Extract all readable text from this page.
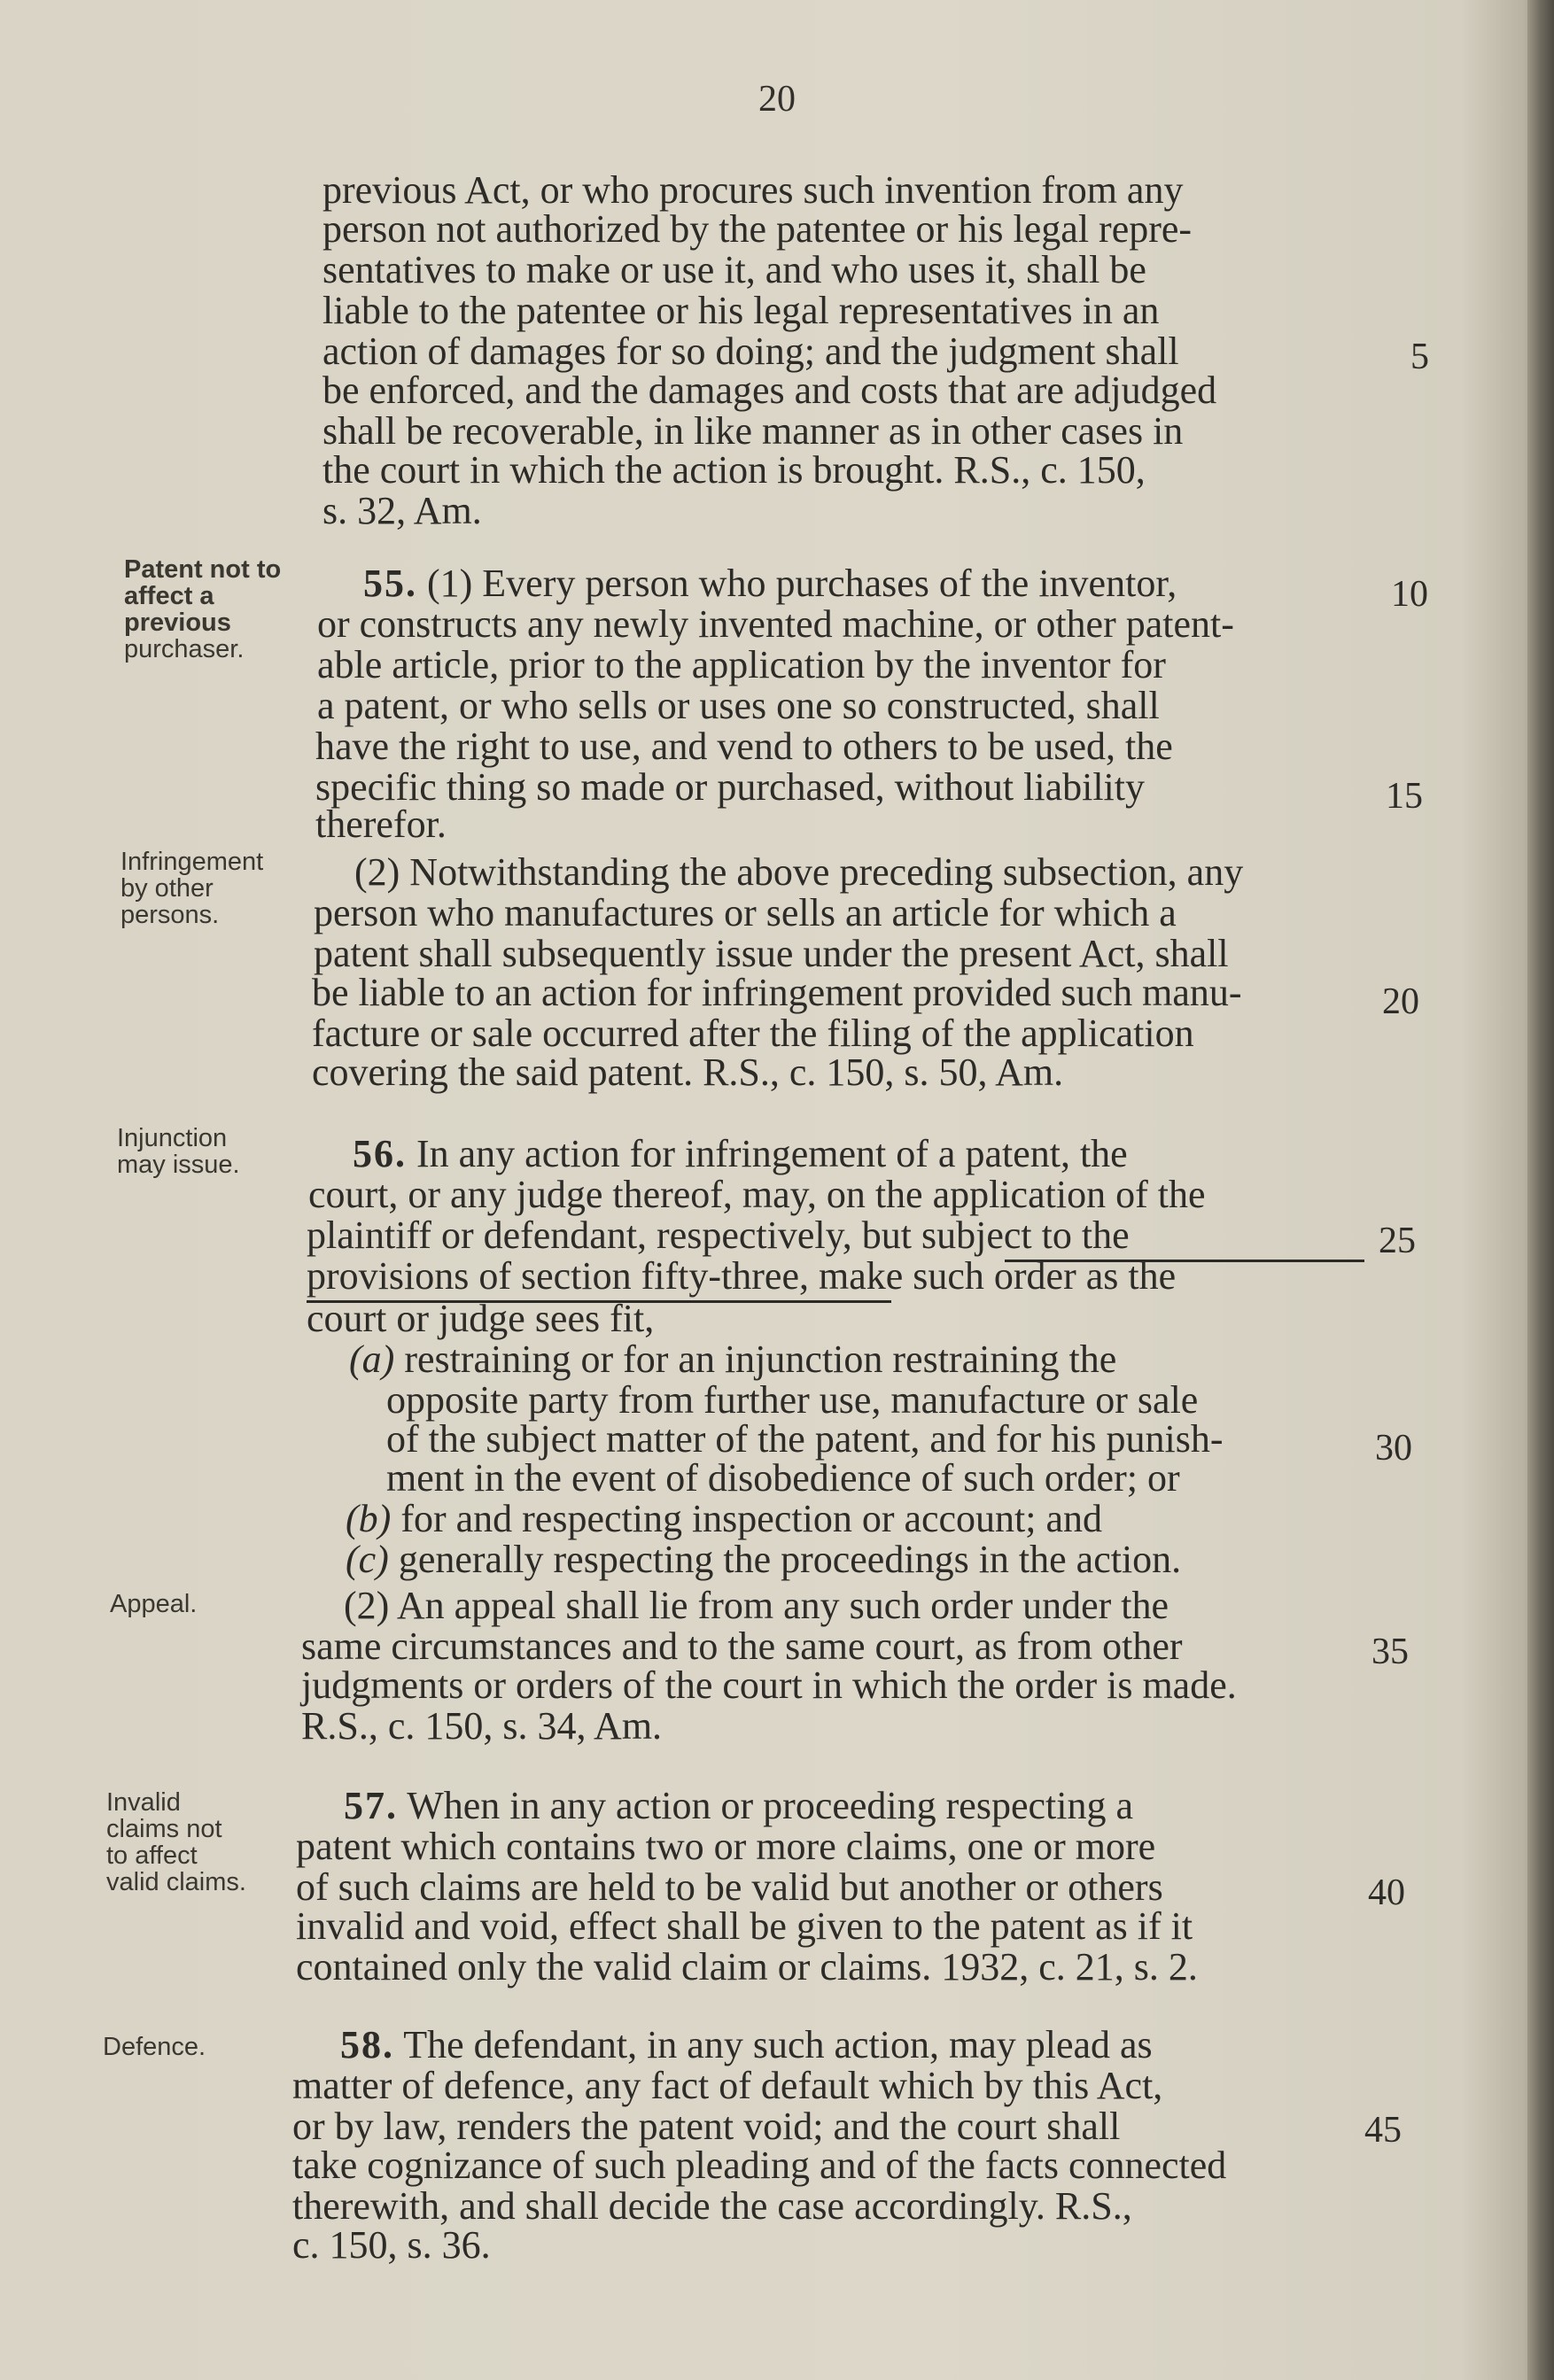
20
Patent not to
affect a
previous
purchaser.
Infringement
by other
persons.
Injunction
may issue.
Appeal.
Invalid
claims not
to affect
valid claims.
Defence.
previous Act, or who procures such invention from any
person not authorized by the patentee or his legal repre-
sentatives to make or use it, and who uses it, shall be
liable to the patentee or his legal representatives in an
action of damages for so doing; and the judgment shall
be enforced, and the damages and costs that are adjudged
shall be recoverable, in like manner as in other cases in
the court in which the action is brought. R.S., c. 150,
s. 32, Am.
55. (1) Every person who purchases of the inventor,
or constructs any newly invented machine, or other patent-
able article, prior to the application by the inventor for
a patent, or who sells or uses one so constructed, shall
have the right to use, and vend to others to be used, the
specific thing so made or purchased, without liability
therefor.
(2) Notwithstanding the above preceding subsection, any
person who manufactures or sells an article for which a
patent shall subsequently issue under the present Act, shall
be liable to an action for infringement provided such manu-
facture or sale occurred after the filing of the application
covering the said patent. R.S., c. 150, s. 50, Am.
56. In any action for infringement of a patent, the
court, or any judge thereof, may, on the application of the
plaintiff or defendant, respectively, but subject to the
provisions of section fifty-three, make such order as the
court or judge sees fit,
(a) restraining or for an injunction restraining the
opposite party from further use, manufacture or sale
of the subject matter of the patent, and for his punish-
ment in the event of disobedience of such order; or
(b) for and respecting inspection or account; and
(c) generally respecting the proceedings in the action.
(2) An appeal shall lie from any such order under the
same circumstances and to the same court, as from other
judgments or orders of the court in which the order is made.
R.S., c. 150, s. 34, Am.
57. When in any action or proceeding respecting a
patent which contains two or more claims, one or more
of such claims are held to be valid but another or others
invalid and void, effect shall be given to the patent as if it
contained only the valid claim or claims. 1932, c. 21, s. 2.
58. The defendant, in any such action, may plead as
matter of defence, any fact of default which by this Act,
or by law, renders the patent void; and the court shall
take cognizance of such pleading and of the facts connected
therewith, and shall decide the case accordingly. R.S.,
c. 150, s. 36.
5
10
15
20
25
30
35
40
45
